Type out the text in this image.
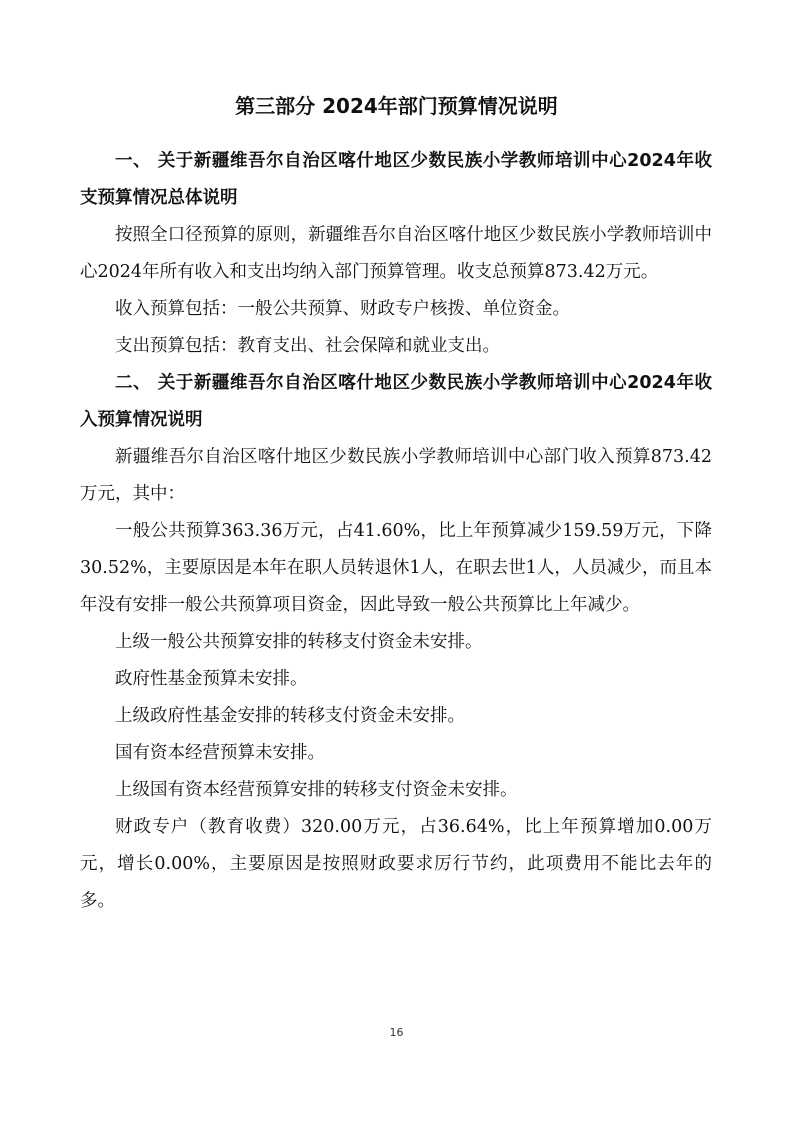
第三部分 2024年部门预算情况说明

一、 关于新疆维吾尔自治区喀什地区少数民族小学教师培训中心2024年收支预算情况总体说明

按照全口径预算的原则，新疆维吾尔自治区喀什地区少数民族小学教师培训中心2024年所有收入和支出均纳入部门预算管理。收支总预算873.42万元。

收入预算包括：一般公共预算、财政专户核拨、单位资金。

支出预算包括：教育支出、社会保障和就业支出。

二、 关于新疆维吾尔自治区喀什地区少数民族小学教师培训中心2024年收入预算情况说明

新疆维吾尔自治区喀什地区少数民族小学教师培训中心部门收入预算873.42万元，其中：

一般公共预算363.36万元，占41.60%，比上年预算减少159.59万元，下降30.52%，主要原因是本年在职人员转退休1人，在职去世1人，人员减少，而且本年没有安排一般公共预算项目资金，因此导致一般公共预算比上年减少。

上级一般公共预算安排的转移支付资金未安排。

政府性基金预算未安排。

上级政府性基金安排的转移支付资金未安排。

国有资本经营预算未安排。

上级国有资本经营预算安排的转移支付资金未安排。

财政专户（教育收费）320.00万元，占36.64%，比上年预算增加0.00万元，增长0.00%，主要原因是按照财政要求厉行节约，此项费用不能比去年的多。

16
